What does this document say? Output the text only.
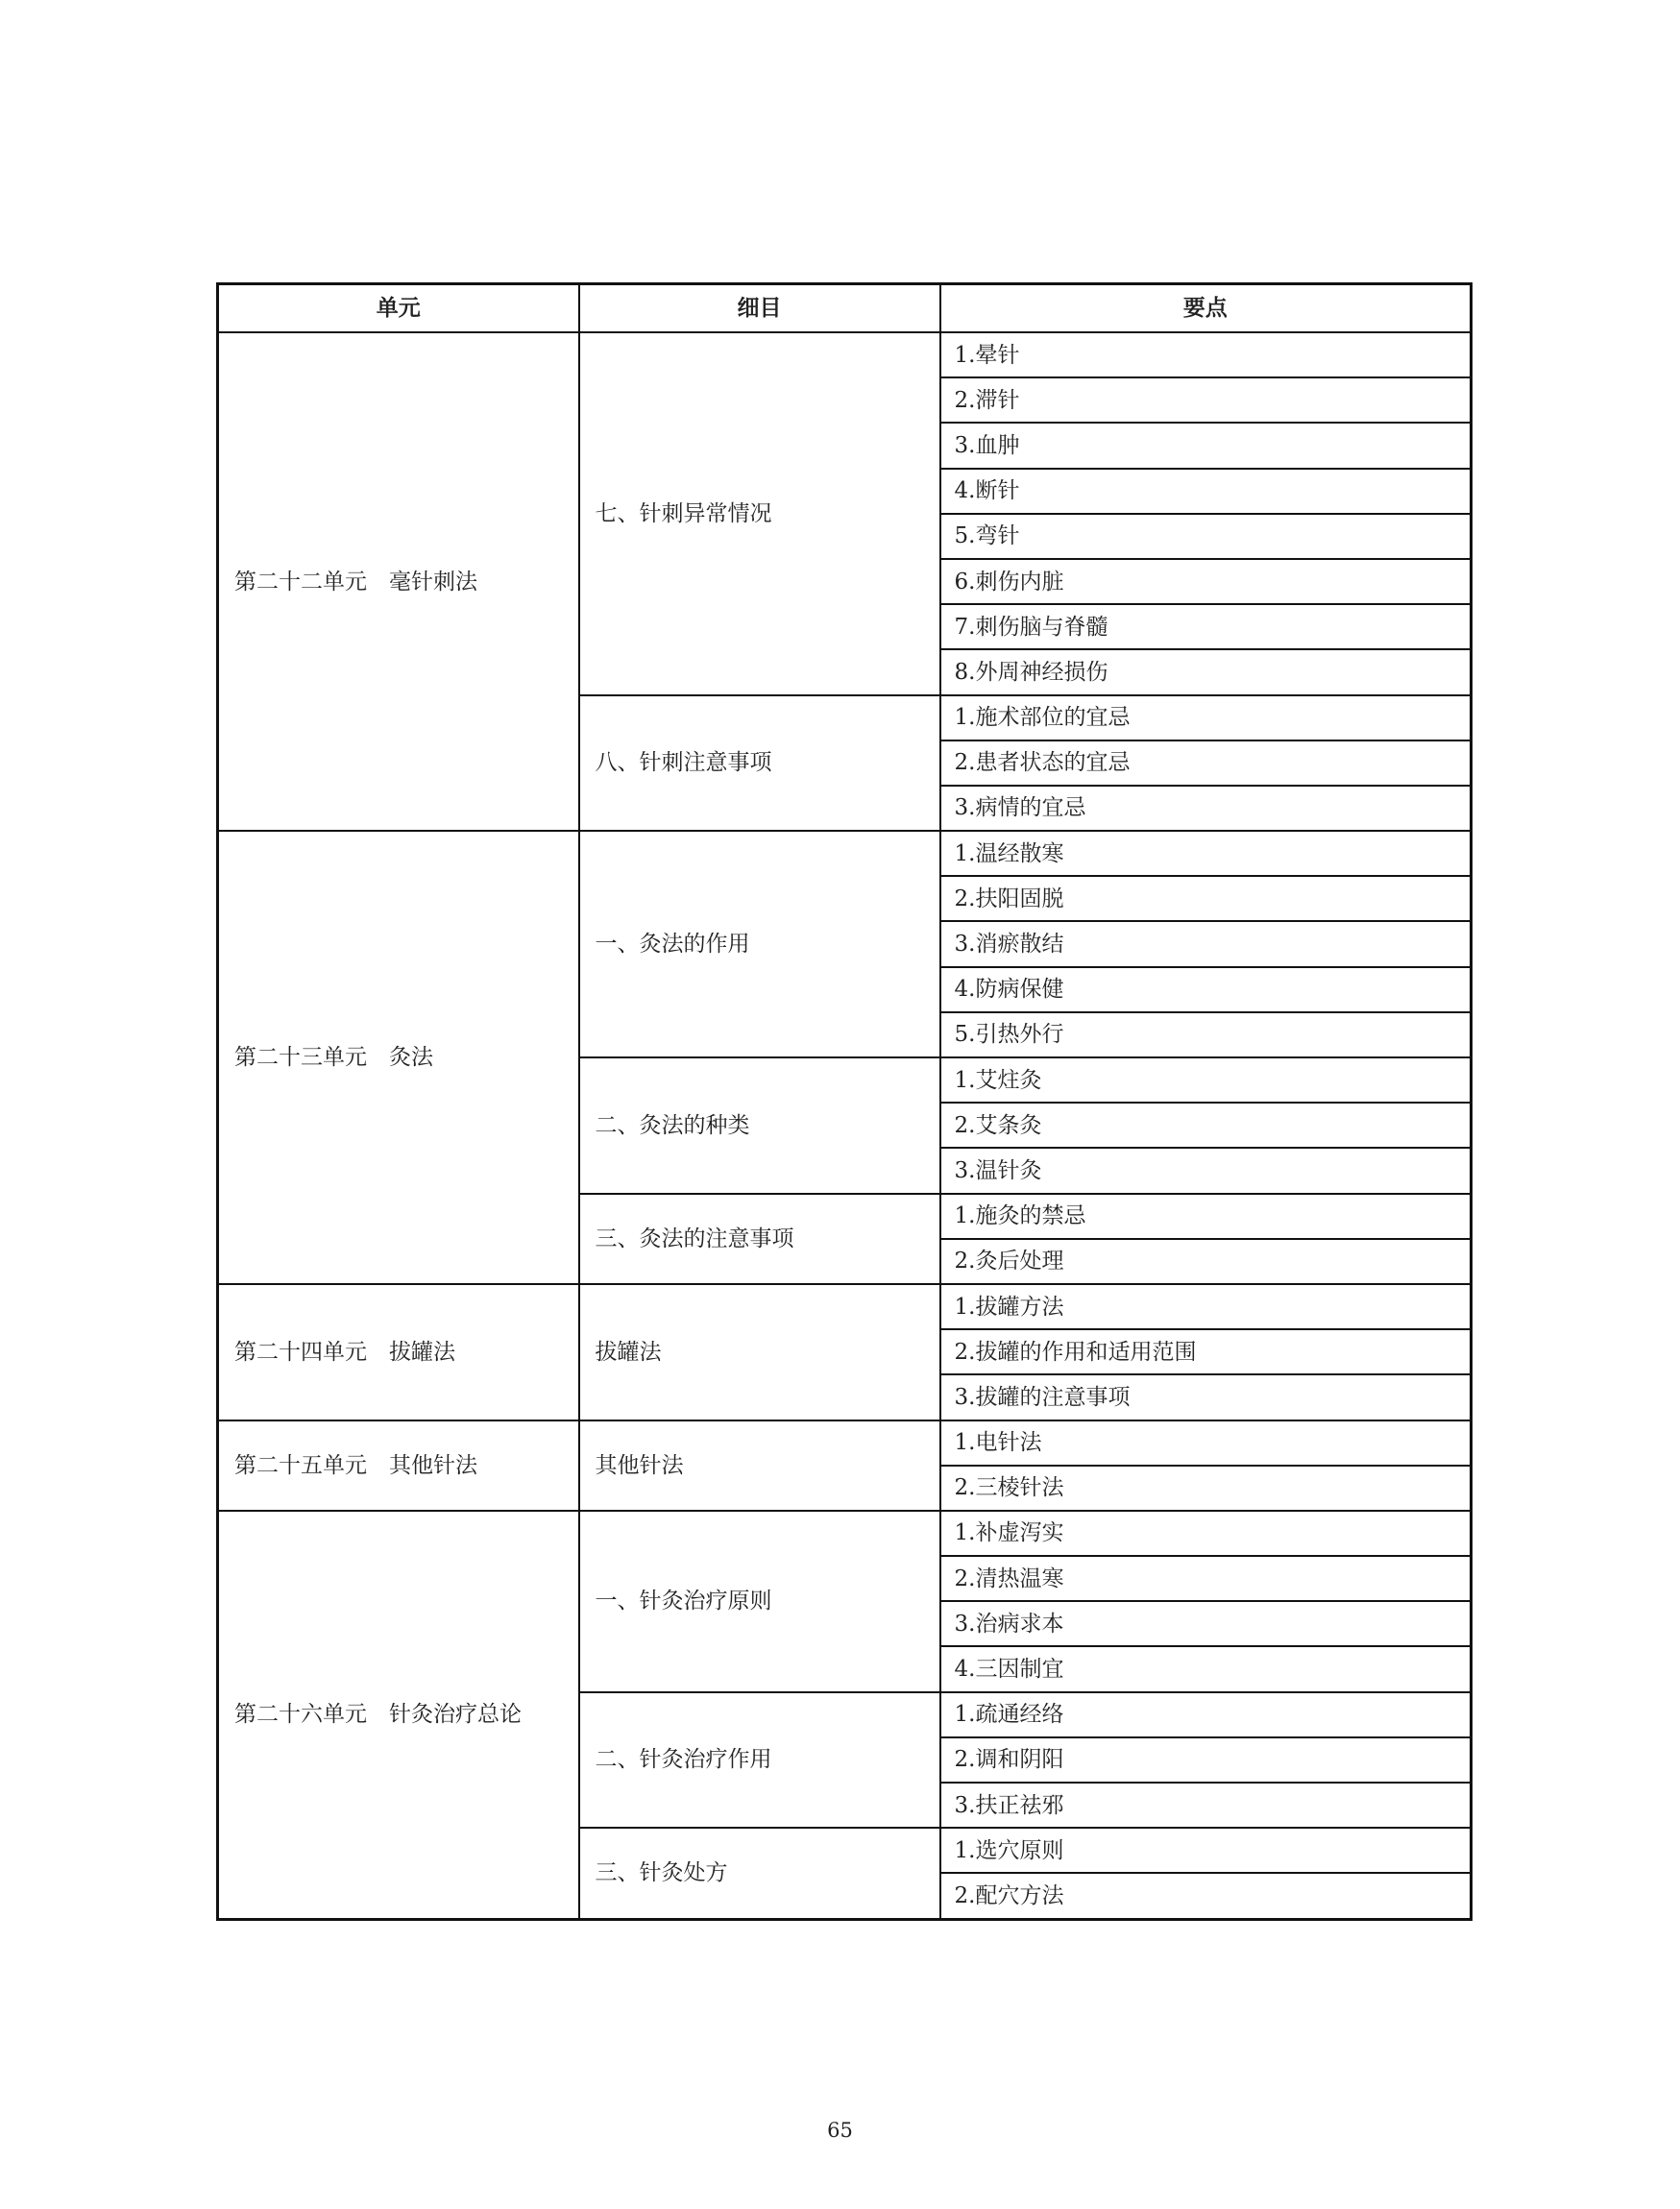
单元	细目	要点
第二十二单元　毫针刺法	七、针刺异常情况	1.晕针
		2.滞针
		3.血肿
		4.断针
		5.弯针
		6.刺伤内脏
		7.刺伤脑与脊髓
		8.外周神经损伤
	八、针刺注意事项	1.施术部位的宜忌
		2.患者状态的宜忌
		3.病情的宜忌
第二十三单元　灸法	一、灸法的作用	1.温经散寒
		2.扶阳固脱
		3.消瘀散结
		4.防病保健
		5.引热外行
	二、灸法的种类	1.艾炷灸
		2.艾条灸
		3.温针灸
	三、灸法的注意事项	1.施灸的禁忌
		2.灸后处理
第二十四单元　拔罐法	拔罐法	1.拔罐方法
		2.拔罐的作用和适用范围
		3.拔罐的注意事项
第二十五单元　其他针法	其他针法	1.电针法
		2.三棱针法
第二十六单元　针灸治疗总论	一、针灸治疗原则	1.补虚泻实
		2.清热温寒
		3.治病求本
		4.三因制宜
	二、针灸治疗作用	1.疏通经络
		2.调和阴阳
		3.扶正祛邪
	三、针灸处方	1.选穴原则
		2.配穴方法
65
